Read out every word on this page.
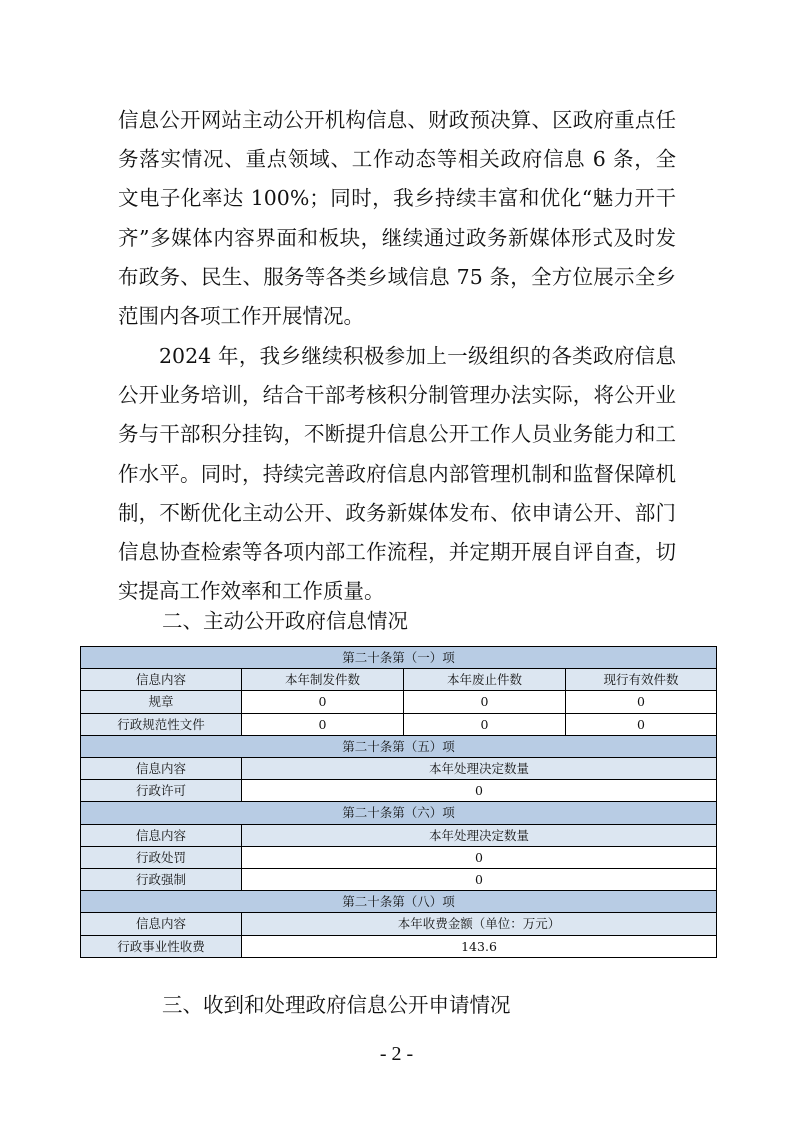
信息公开网站主动公开机构信息、财政预决算、区政府重点任务落实情况、重点领域、工作动态等相关政府信息 6 条，全文电子化率达 100%；同时，我乡持续丰富和优化“魅力开干齐”多媒体内容界面和板块，继续通过政务新媒体形式及时发布政务、民生、服务等各类乡域信息 75 条，全方位展示全乡范围内各项工作开展情况。

2024 年，我乡继续积极参加上一级组织的各类政府信息公开业务培训，结合干部考核积分制管理办法实际，将公开业务与干部积分挂钩，不断提升信息公开工作人员业务能力和工作水平。同时，持续完善政府信息内部管理机制和监督保障机制，不断优化主动公开、政务新媒体发布、依申请公开、部门信息协查检索等各项内部工作流程，并定期开展自评自查，切实提高工作效率和工作质量。

二、主动公开政府信息情况

第二十条第（一）项			
信息内容	本年制发件数	本年废止件数	现行有效件数
规章	0	0	0
行政规范性文件	0	0	0
第二十条第（五）项			
信息内容	本年处理决定数量		
行政许可	0		
第二十条第（六）项			
信息内容	本年处理决定数量		
行政处罚	0		
行政强制	0		
第二十条第（八）项			
信息内容	本年收费金额（单位：万元）		
行政事业性收费	143.6		

三、收到和处理政府信息公开申请情况

- 2 -
